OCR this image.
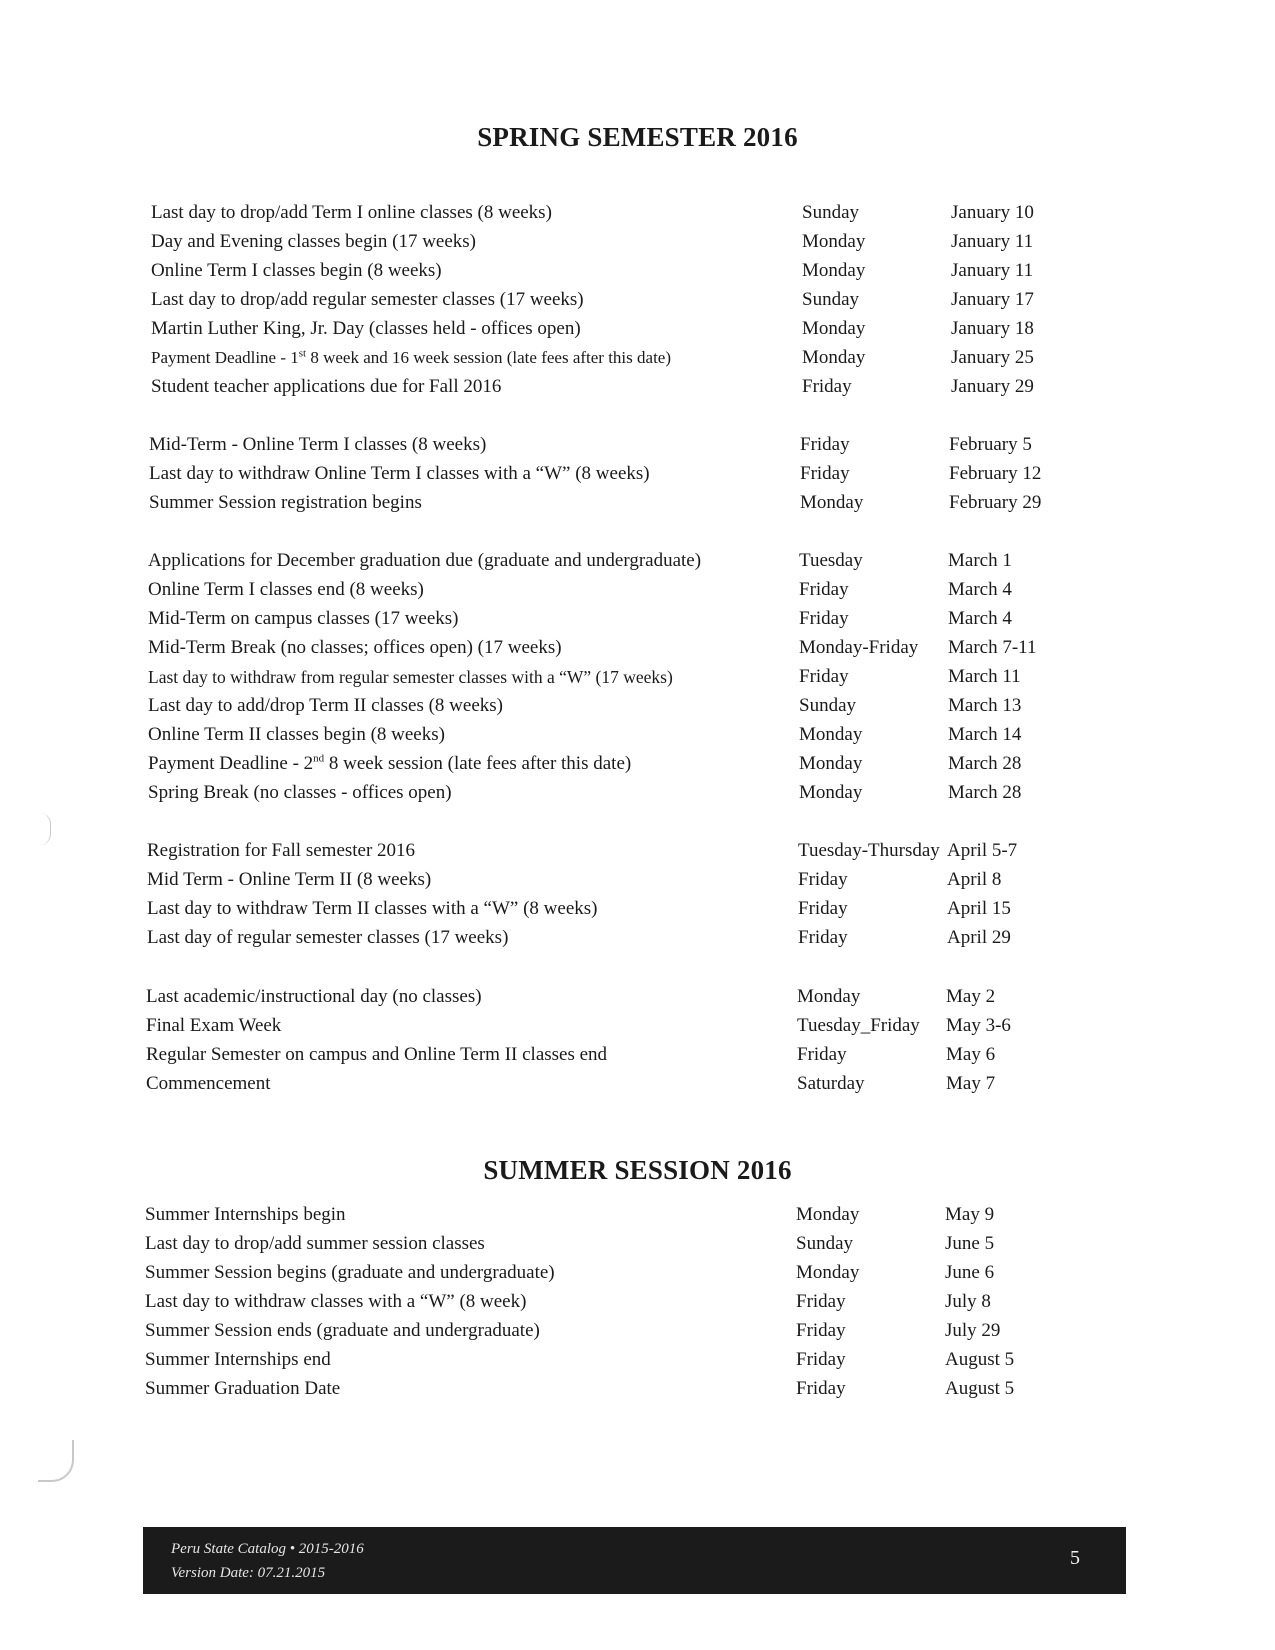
SPRING SEMESTER 2016
Last day to drop/add Term I online classes (8 weeks)	Sunday	January 10
Day and Evening classes begin (17 weeks)	Monday	January 11
Online Term I classes begin (8 weeks)	Monday	January 11
Last day to drop/add regular semester classes (17 weeks)	Sunday	January 17
Martin Luther King, Jr. Day (classes held - offices open)	Monday	January 18
Payment Deadline - 1st 8 week and 16 week session (late fees after this date)	Monday	January 25
Student teacher applications due for Fall 2016	Friday	January 29
Mid-Term - Online Term I classes (8 weeks)	Friday	February 5
Last day to withdraw Online Term I classes with a “W” (8 weeks)	Friday	February 12
Summer Session registration begins	Monday	February 29
Applications for December graduation due (graduate and undergraduate)	Tuesday	March 1
Online Term I classes end (8 weeks)	Friday	March 4
Mid-Term on campus classes (17 weeks)	Friday	March 4
Mid-Term Break (no classes; offices open) (17 weeks)	Monday-Friday March 7-11
Last day to withdraw from regular semester classes with a “W” (17 weeks)	Friday	March 11
Last day to add/drop Term II classes (8 weeks)	Sunday	March 13
Online Term II classes begin (8 weeks)	Monday	March 14
Payment Deadline - 2nd 8 week session (late fees after this date)	Monday	March 28
Spring Break (no classes - offices open)	Monday	March 28
Registration for Fall semester 2016	Tuesday-Thursday April 5-7
Mid Term - Online Term II (8 weeks)	Friday	April 8
Last day to withdraw Term II classes with a “W” (8 weeks)	Friday	April 15
Last day of regular semester classes (17 weeks)	Friday	April 29
Last academic/instructional day (no classes)	Monday	May 2
Final Exam Week	Tuesday_Friday May 3-6
Regular Semester on campus and Online Term II classes end	Friday	May 6
Commencement	Saturday	May 7
SUMMER SESSION 2016
Summer Internships begin	Monday	May 9
Last day to drop/add summer session classes	Sunday	June 5
Summer Session begins (graduate and undergraduate)	Monday	June 6
Last day to withdraw classes with a “W” (8 week)	Friday	July 8
Summer Session ends (graduate and undergraduate)	Friday	July 29
Summer Internships end	Friday	August 5
Summer Graduation Date	Friday	August 5
Peru State Catalog • 2015-2016
Version Date: 07.21.2015
5
